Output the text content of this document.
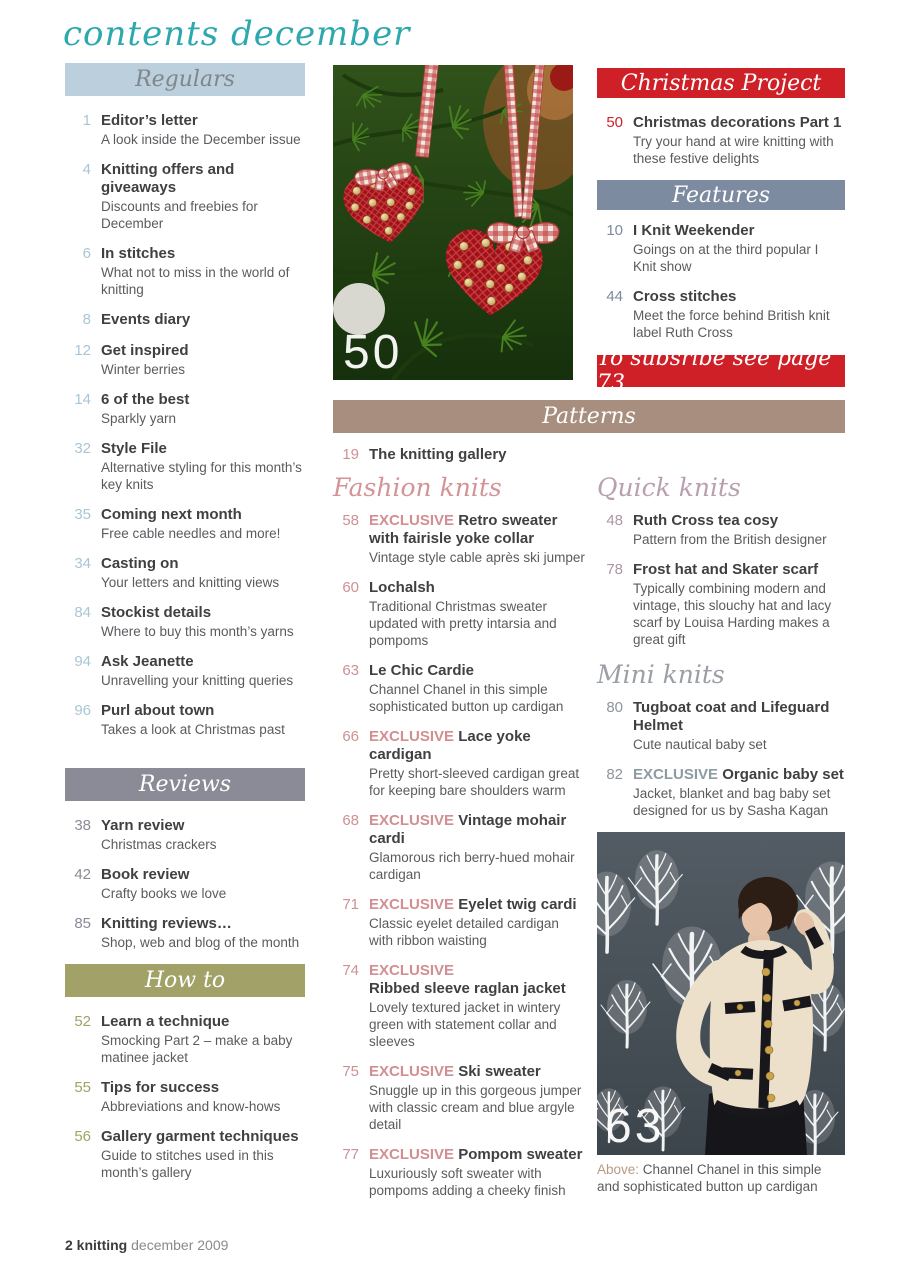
contents december
Regulars
1 Editor’s letter
A look inside the December issue
4 Knitting offers and giveaways
Discounts and freebies for December
6 In stitches
What not to miss in the world of knitting
8 Events diary
12 Get inspired
Winter berries
14 6 of the best
Sparkly yarn
32 Style File
Alternative styling for this month’s key knits
35 Coming next month
Free cable needles and more!
34 Casting on
Your letters and knitting views
84 Stockist details
Where to buy this month’s yarns
94 Ask Jeanette
Unravelling your knitting queries
96 Purl about town
Takes a look at Christmas past
Reviews
38 Yarn review
Christmas crackers
42 Book review
Crafty books we love
85 Knitting reviews…
Shop, web and blog of the month
How to
52 Learn a technique
Smocking Part 2 – make a baby matinee jacket
55 Tips for success
Abbreviations and know-hows
56 Gallery garment techniques
Guide to stitches used in this month’s gallery
50
Christmas Project
50 Christmas decorations Part 1
Try your hand at wire knitting with these festive delights
Features
10 I Knit Weekender
Goings on at the third popular I Knit show
44 Cross stitches
Meet the force behind British knit label Ruth Cross
To subsribe see page 73
Patterns
19 The knitting gallery
Fashion knits
58 EXCLUSIVE Retro sweater with fairisle yoke collar
Vintage style cable après ski jumper
60 Lochalsh
Traditional Christmas sweater updated with pretty intarsia and pompoms
63 Le Chic Cardie
Channel Chanel in this simple sophisticated button up cardigan
66 EXCLUSIVE Lace yoke cardigan
Pretty short-sleeved cardigan great for keeping bare shoulders warm
68 EXCLUSIVE Vintage mohair cardi
Glamorous rich berry-hued mohair cardigan
71 EXCLUSIVE Eyelet twig cardi
Classic eyelet detailed cardigan with ribbon waisting
74 EXCLUSIVE
Ribbed sleeve raglan jacket
Lovely textured jacket in wintery green with statement collar and sleeves
75 EXCLUSIVE Ski sweater
Snuggle up in this gorgeous jumper with classic cream and blue argyle detail
77 EXCLUSIVE Pompom sweater
Luxuriously soft sweater with pompoms adding a cheeky finish
Quick knits
48 Ruth Cross tea cosy
Pattern from the British designer
78 Frost hat and Skater scarf
Typically combining modern and vintage, this slouchy hat and lacy scarf by Louisa Harding makes a great gift
Mini knits
80 Tugboat coat and Lifeguard Helmet
Cute nautical baby set
82 EXCLUSIVE Organic baby set
Jacket, blanket and bag baby set designed for us by Sasha Kagan
63
Above: Channel Chanel in this simple and sophisticated button up cardigan
2 knitting december 2009
